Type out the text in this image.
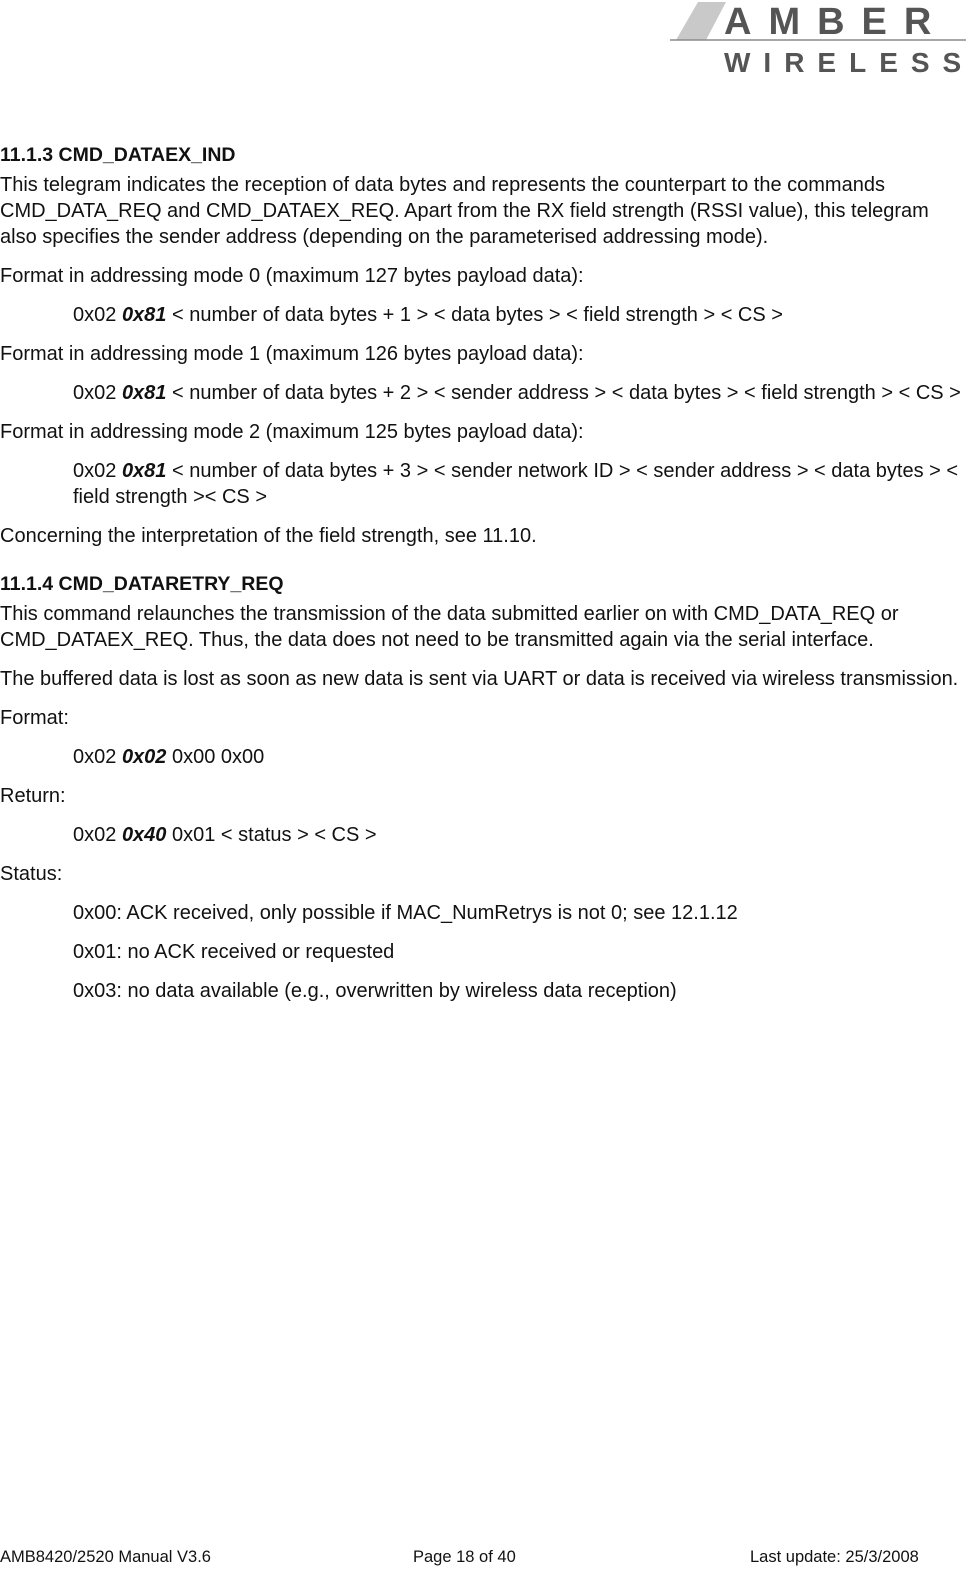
AMBER
WIRELESS
11.1.3 CMD_DATAEX_IND

This telegram indicates the reception of data bytes and represents the counterpart to the commands CMD_DATA_REQ and CMD_DATAEX_REQ. Apart from the RX field strength (RSSI value), this telegram also specifies the sender address (depending on the parameterised addressing mode).

Format in addressing mode 0 (maximum 127 bytes payload data):

0x02 0x81 < number of data bytes + 1 > < data bytes > < field strength > < CS >

Format in addressing mode 1 (maximum 126 bytes payload data):

0x02 0x81 < number of data bytes + 2 > < sender address > < data bytes > < field strength > < CS >

Format in addressing mode 2 (maximum 125 bytes payload data):

0x02 0x81 < number of data bytes + 3 > < sender network ID > < sender address > < data bytes > < field strength >< CS >

Concerning the interpretation of the field strength, see 11.10.

11.1.4 CMD_DATARETRY_REQ

This command relaunches the transmission of the data submitted earlier on with CMD_DATA_REQ or CMD_DATAEX_REQ. Thus, the data does not need to be transmitted again via the serial interface.

The buffered data is lost as soon as new data is sent via UART or data is received via wireless transmission.

Format:

0x02 0x02 0x00 0x00

Return:

0x02 0x40 0x01 < status > < CS >

Status:

0x00: ACK received, only possible if MAC_NumRetrys is not 0; see 12.1.12

0x01: no ACK received or requested

0x03: no data available (e.g., overwritten by wireless data reception)

AMB8420/2520 Manual V3.6	Page 18 of 40	Last update: 25/3/2008
